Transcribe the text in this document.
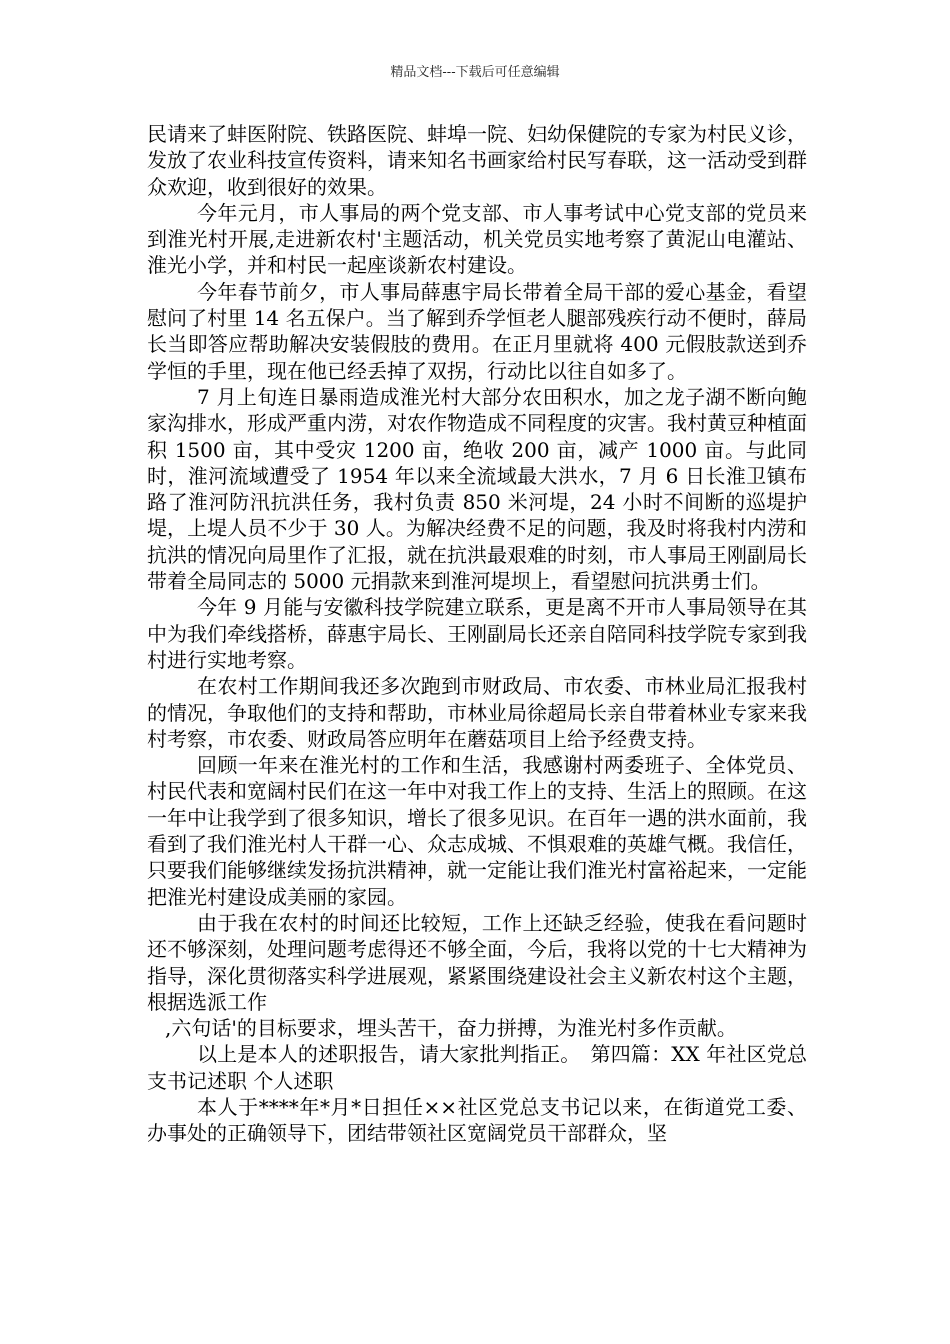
精品文档---下载后可任意编辑

民请来了蚌医附院、铁路医院、蚌埠一院、妇幼保健院的专家为村民义诊，发放了农业科技宣传资料，请来知名书画家给村民写春联，这一活动受到群众欢迎，收到很好的效果。

今年元月，市人事局的两个党支部、市人事考试中心党支部的党员来到淮光村开展,走进新农村'主题活动，机关党员实地考察了黄泥山电灌站、淮光小学，并和村民一起座谈新农村建设。

今年春节前夕，市人事局薛惠宇局长带着全局干部的爱心基金，看望慰问了村里 14 名五保户。当了解到乔学恒老人腿部残疾行动不便时，薛局长当即答应帮助解决安装假肢的费用。在正月里就将 400 元假肢款送到乔学恒的手里，现在他已经丢掉了双拐，行动比以往自如多了。

7 月上旬连日暴雨造成淮光村大部分农田积水，加之龙子湖不断向鲍家沟排水，形成严重内涝，对农作物造成不同程度的灾害。我村黄豆种植面积 1500 亩，其中受灾 1200 亩，绝收 200 亩，减产 1000 亩。与此同时，淮河流域遭受了 1954 年以来全流域最大洪水，7 月 6 日长淮卫镇布路了淮河防汛抗洪任务，我村负责 850 米河堤，24 小时不间断的巡堤护堤，上堤人员不少于 30 人。为解决经费不足的问题，我及时将我村内涝和抗洪的情况向局里作了汇报，就在抗洪最艰难的时刻，市人事局王刚副局长带着全局同志的 5000 元捐款来到淮河堤坝上，看望慰问抗洪勇士们。

今年 9 月能与安徽科技学院建立联系，更是离不开市人事局领导在其中为我们牵线搭桥，薛惠宇局长、王刚副局长还亲自陪同科技学院专家到我村进行实地考察。

在农村工作期间我还多次跑到市财政局、市农委、市林业局汇报我村的情况，争取他们的支持和帮助，市林业局徐超局长亲自带着林业专家来我村考察，市农委、财政局答应明年在蘑菇项目上给予经费支持。

回顾一年来在淮光村的工作和生活，我感谢村两委班子、全体党员、村民代表和宽阔村民们在这一年中对我工作上的支持、生活上的照顾。在这一年中让我学到了很多知识，增长了很多见识。在百年一遇的洪水面前，我看到了我们淮光村人干群一心、众志成城、不惧艰难的英雄气概。我信任，只要我们能够继续发扬抗洪精神，就一定能让我们淮光村富裕起来，一定能把淮光村建设成美丽的家园。

由于我在农村的时间还比较短，工作上还缺乏经验，使我在看问题时还不够深刻，处理问题考虑得还不够全面，今后，我将以党的十七大精神为指导，深化贯彻落实科学进展观，紧紧围绕建设社会主义新农村这个主题，根据选派工作

,六句话'的目标要求，埋头苦干，奋力拼搏，为淮光村多作贡献。

以上是本人的述职报告，请大家批判指正。　第四篇：XX 年社区党总支书记述职 个人述职

本人于****年*月*日担任××社区党总支书记以来，在街道党工委、办事处的正确领导下，团结带领社区宽阔党员干部群众，坚
